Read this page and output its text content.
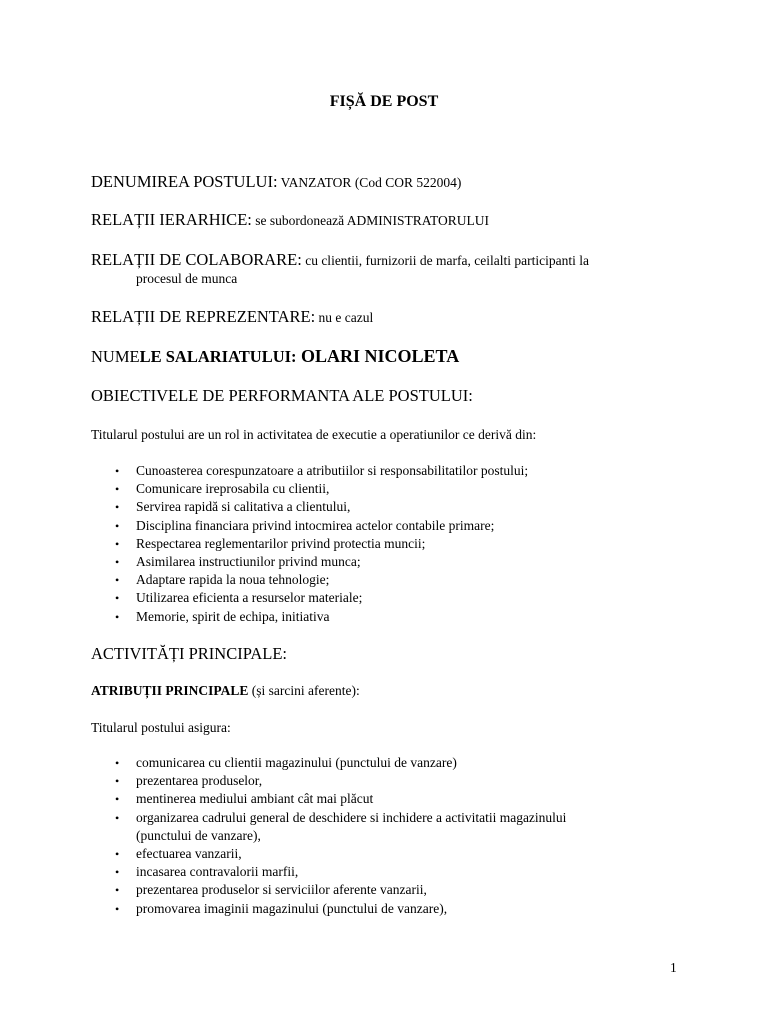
FIȘĂ DE POST
DENUMIREA POSTULUI: VANZATOR (Cod COR 522004)
RELAȚII IERARHICE: se subordonează ADMINISTRATORULUI
RELAȚII DE COLABORARE: cu clientii, furnizorii de marfa, ceilalti participanti la
procesul de munca
RELAȚII DE REPREZENTARE: nu e cazul
NUMELE SALARIATULUI: OLARI NICOLETA
OBIECTIVELE DE PERFORMANTA ALE POSTULUI:
Titularul postului are un rol in activitatea de executie a operatiunilor ce derivă din:
• Cunoasterea corespunzatoare a atributiilor si responsabilitatilor postului;
• Comunicare ireprosabila cu clientii,
• Servirea rapidă si calitativa a clientului,
• Disciplina financiara privind intocmirea actelor contabile primare;
• Respectarea reglementarilor privind protectia muncii;
• Asimilarea instructiunilor privind munca;
• Adaptare rapida la noua tehnologie;
• Utilizarea eficienta a resurselor materiale;
• Memorie, spirit de echipa, initiativa
ACTIVITĂȚI PRINCIPALE:
ATRIBUȚII PRINCIPALE (și sarcini aferente):
Titularul postului asigura:
• comunicarea cu clientii magazinului (punctului de vanzare)
• prezentarea produselor,
• mentinerea mediului ambiant cât mai plăcut
• organizarea cadrului general de deschidere si inchidere a activitatii magazinului
(punctului de vanzare),
• efectuarea vanzarii,
• incasarea contravalorii marfii,
• prezentarea produselor si serviciilor aferente vanzarii,
• promovarea imaginii magazinului (punctului de vanzare),
1
